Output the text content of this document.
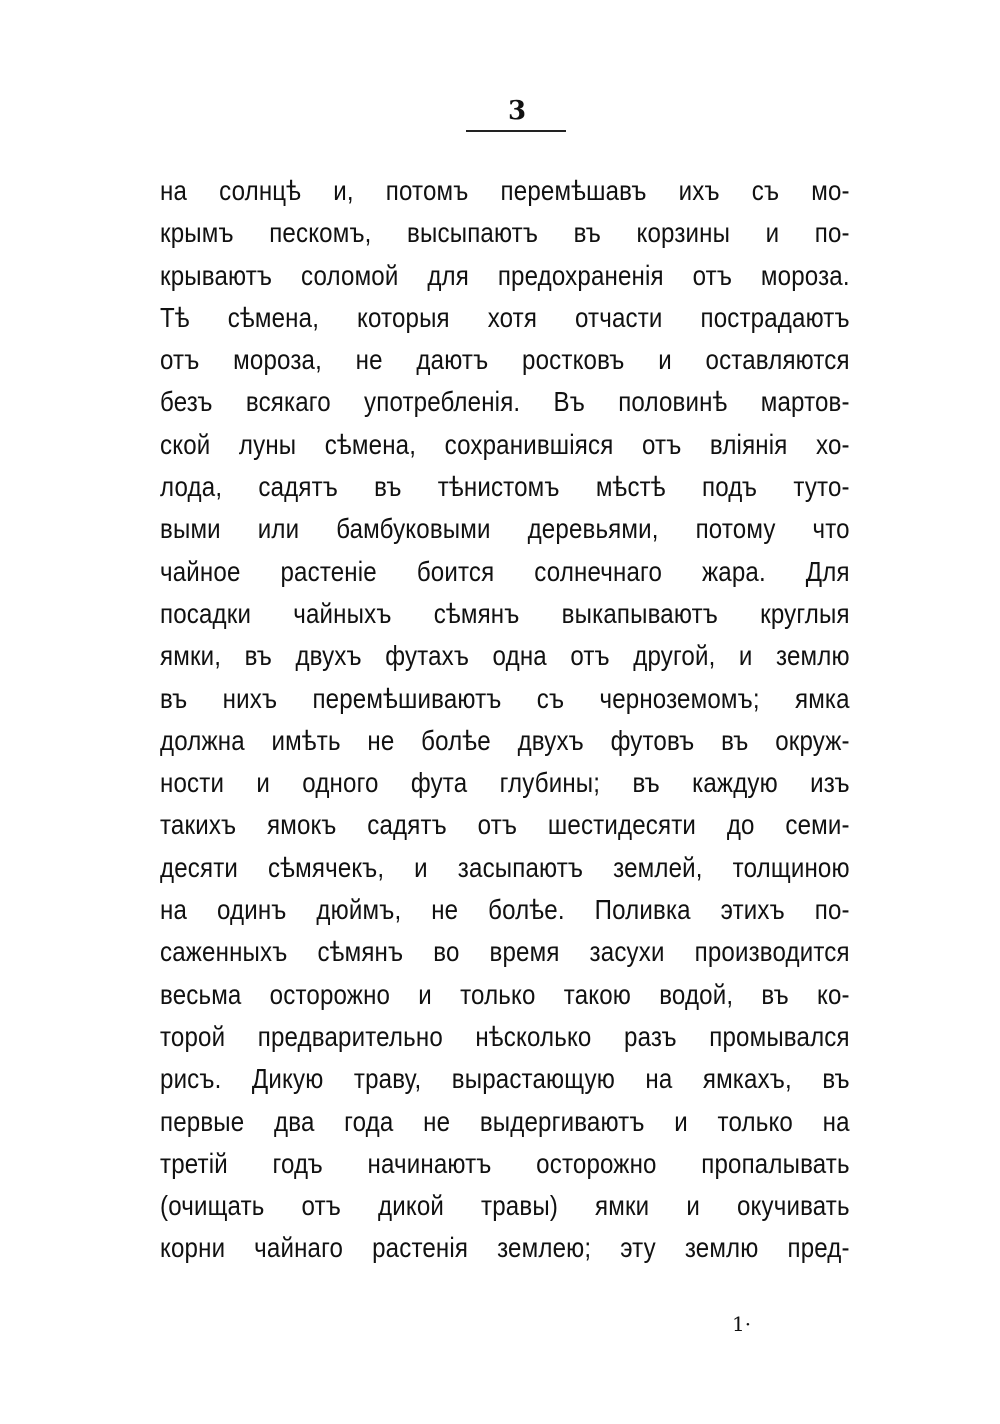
3
на солнцѣ и, потомъ перемѣшавъ ихъ съ мо-
крымъ пескомъ, высыпаютъ въ корзины и по-
крываютъ соломой для предохраненія отъ мороза.
Тѣ сѣмена, которыя хотя отчасти пострадаютъ
отъ мороза, не даютъ ростковъ и оставляются
безъ всякаго употребленія. Въ половинѣ мартов-
ской луны сѣмена, сохранившіяся отъ вліянія хо-
лода, садятъ въ тѣнистомъ мѣстѣ подъ туто-
выми или бамбуковыми деревьями, потому что
чайное растеніе боится солнечнаго жара. Для
посадки чайныхъ сѣмянъ выкапываютъ круглыя
ямки, въ двухъ футахъ одна отъ другой, и землю
въ нихъ перемѣшиваютъ съ черноземомъ; ямка
должна имѣть не болѣе двухъ футовъ въ окруж-
ности и одного фута глубины; въ каждую изъ
такихъ ямокъ садятъ отъ шестидесяти до семи-
десяти сѣмячекъ, и засыпаютъ землей, толщиною
на одинъ дюймъ, не болѣе. Поливка этихъ по-
саженныхъ сѣмянъ во время засухи производится
весьма осторожно и только такою водой, въ ко-
торой предварительно нѣсколько разъ промывался
рисъ. Дикую траву, вырастающую на ямкахъ, въ
первые два года не выдергиваютъ и только на
третій годъ начинаютъ осторожно пропалывать
(очищать отъ дикой травы) ямки и окучивать
корни чайнаго растенія землею; эту землю пред-
1·
